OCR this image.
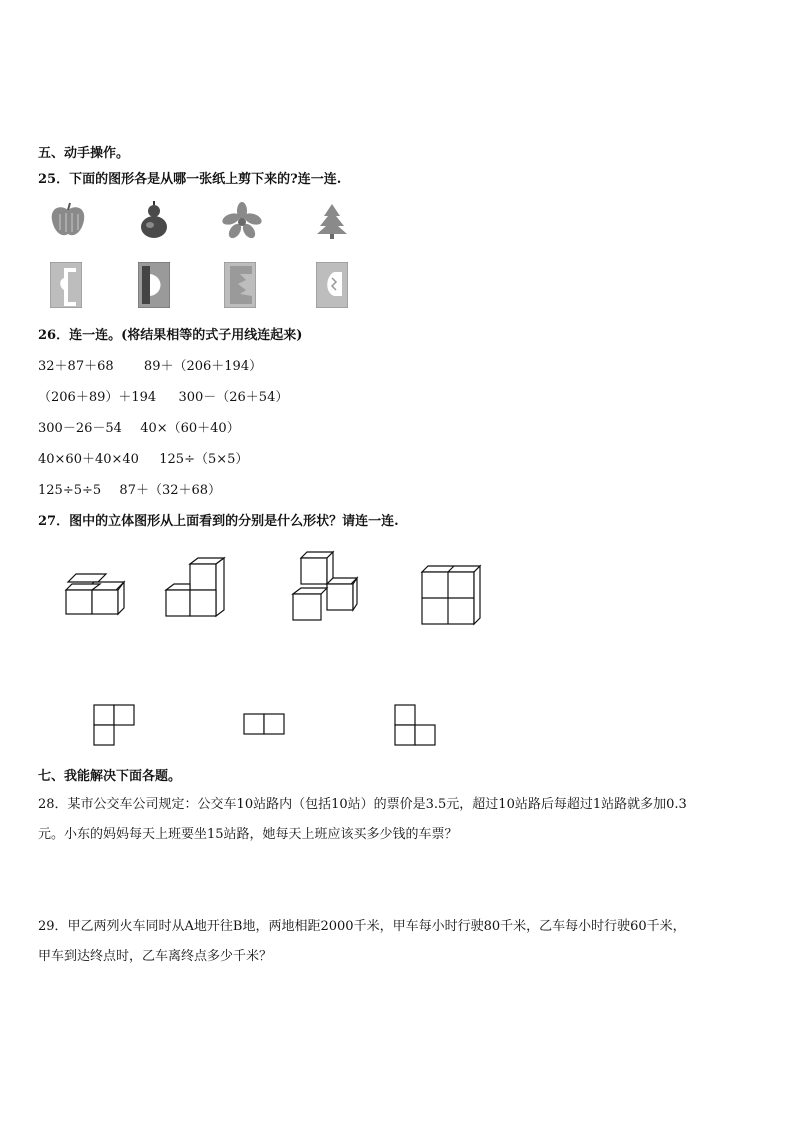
五、动手操作。
25．下面的图形各是从哪一张纸上剪下来的?连一连.
26．连一连。(将结果相等的式子用线连起来)
32＋87＋68 89＋（206＋194）
（206＋89）＋194 300－（26＋54）
300－26－54 40×（60＋40）
40×60＋40×40 125÷（5×5）
125÷5÷5 87＋（32＋68）
27．图中的立体图形从上面看到的分别是什么形状？请连一连.
七、我能解决下面各题。
28．某市公交车公司规定：公交车10站路内（包括10站）的票价是3.5元，超过10站路后每超过1站路就多加0.3
元。小东的妈妈每天上班要坐15站路，她每天上班应该买多少钱的车票？
29．甲乙两列火车同时从A地开往B地，两地相距2000千米，甲车每小时行驶80千米，乙车每小时行驶60千米，
甲车到达终点时，乙车离终点多少千米？
